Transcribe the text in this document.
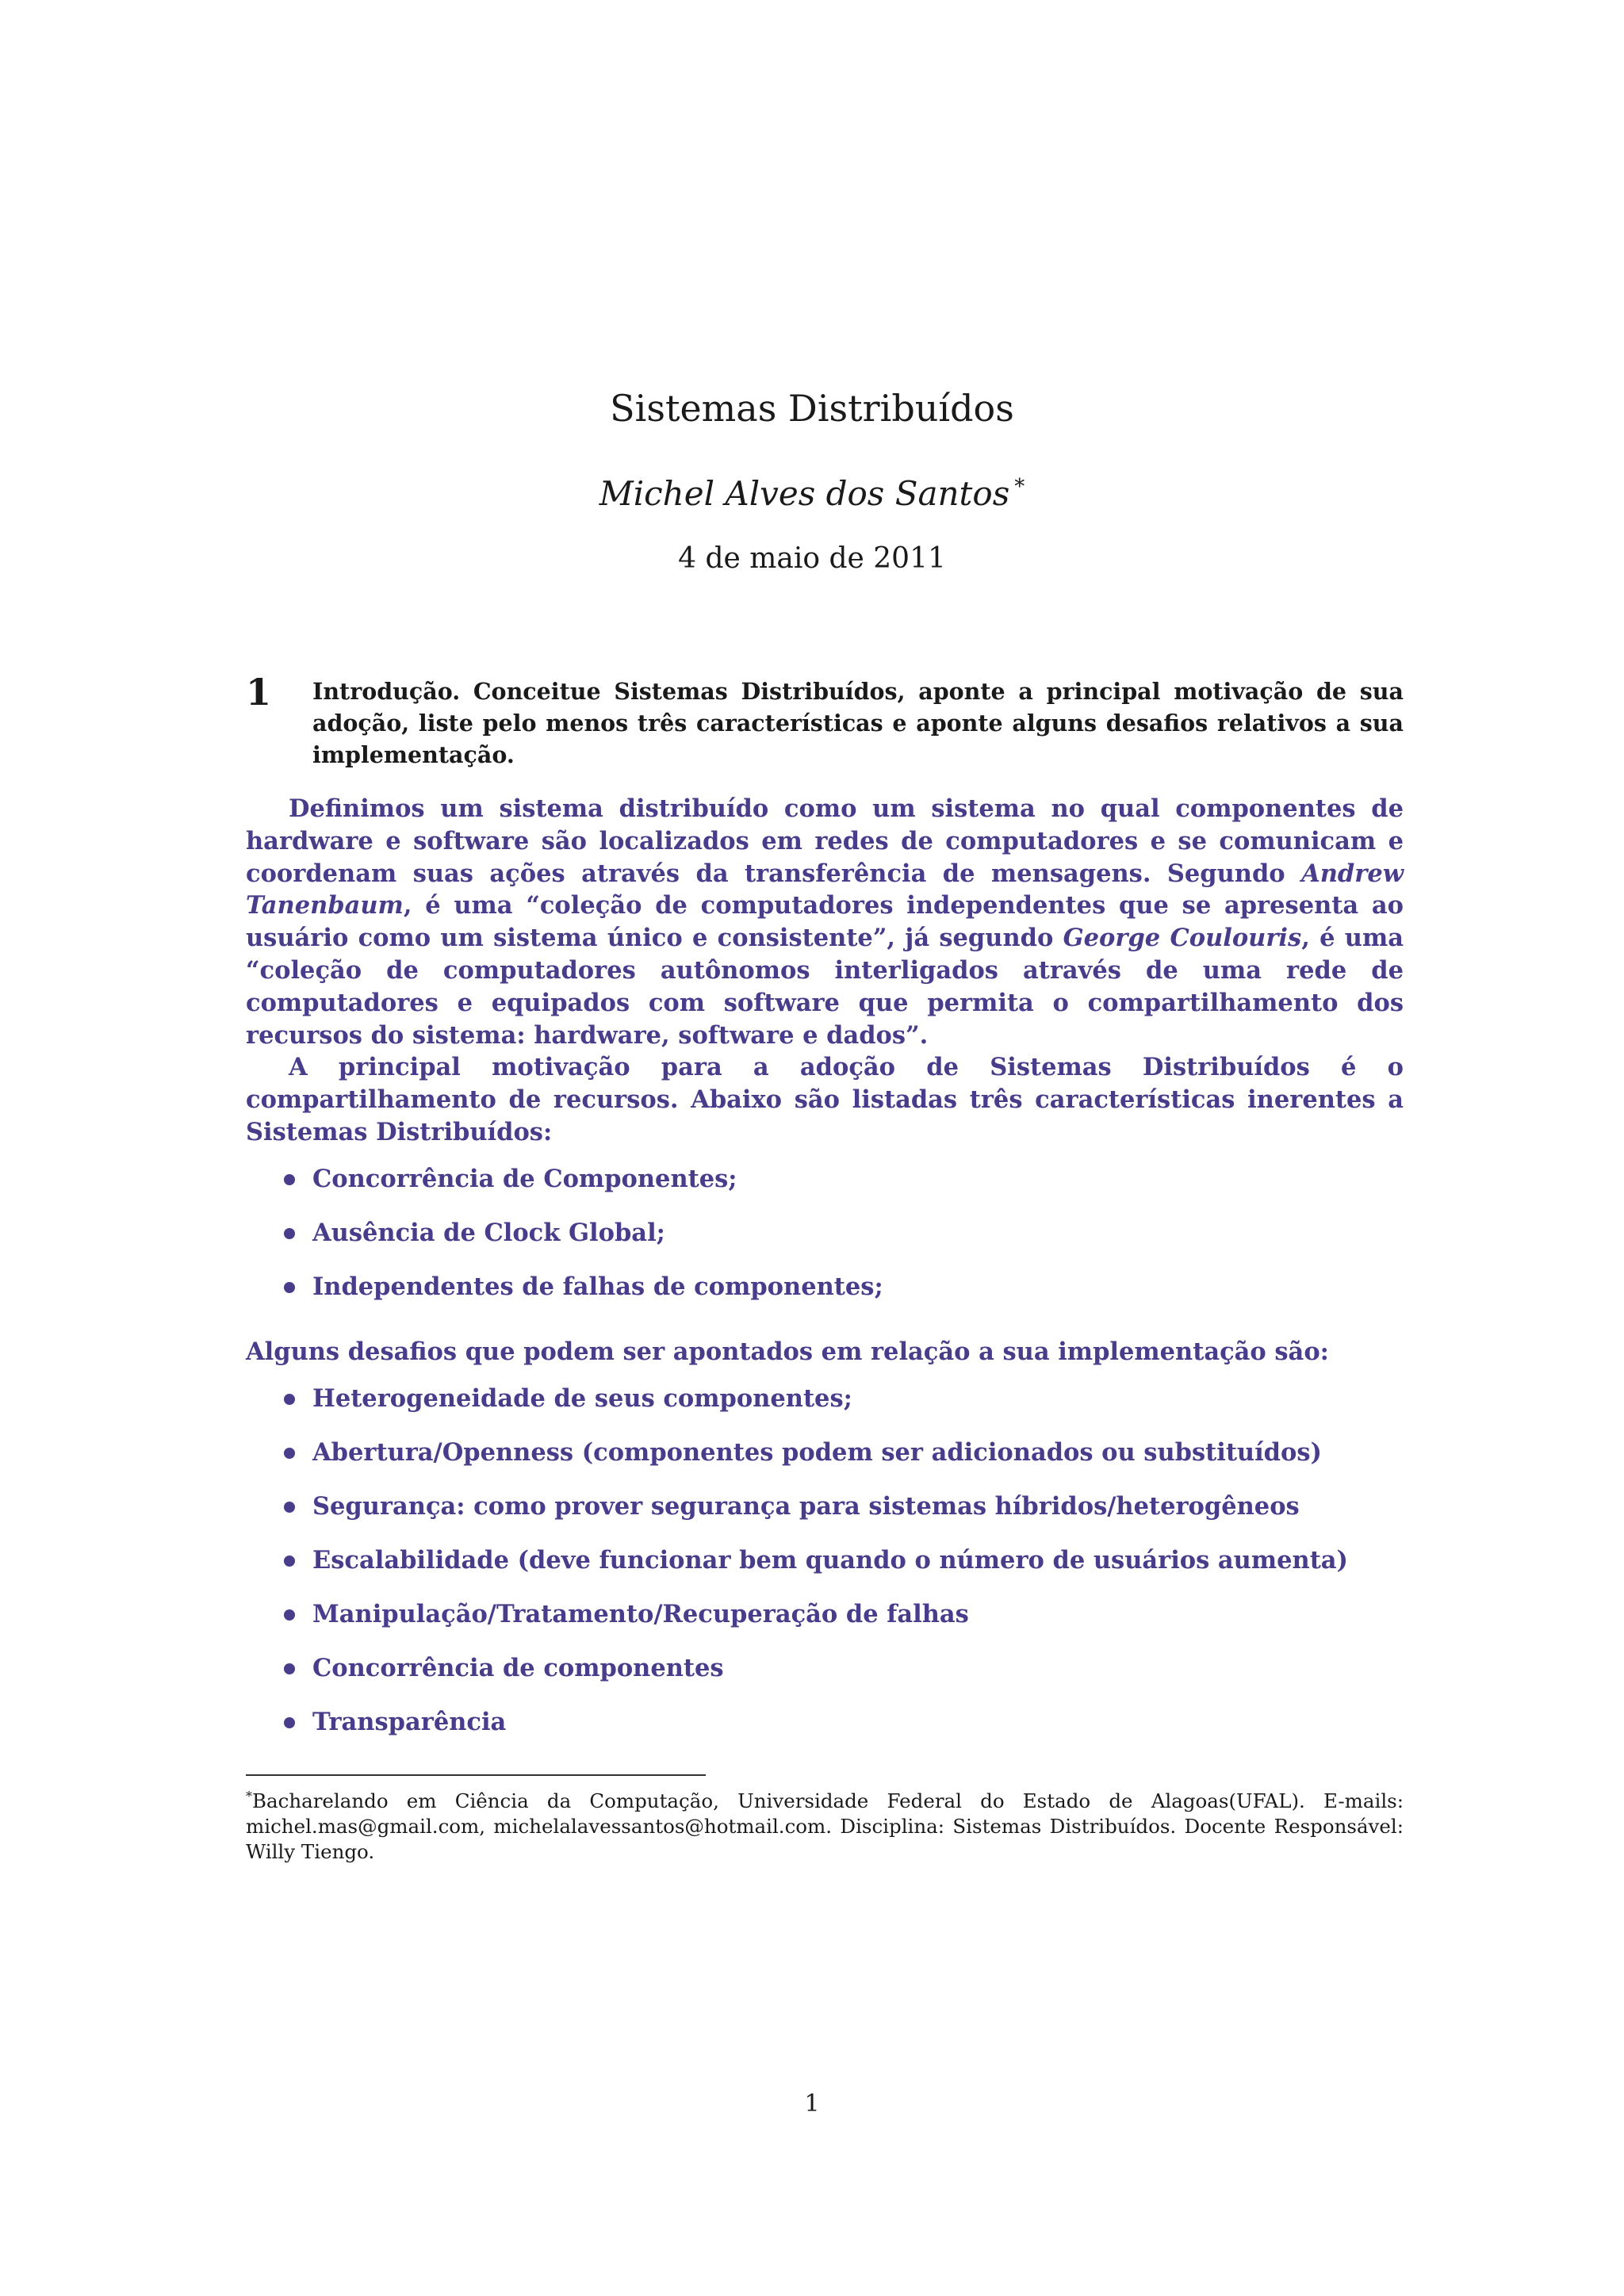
Sistemas Distribuídos
Michel Alves dos Santos *
4 de maio de 2011
1 Introdução. Conceitue Sistemas Distribuídos, aponte a principal motivação de sua adoção, liste pelo menos três características e aponte alguns desafios relativos a sua implementação.

Definimos um sistema distribuído como um sistema no qual componentes de hardware e software são localizados em redes de computadores e se comunicam e coordenam suas ações através da transferência de mensagens. Segundo Andrew Tanenbaum, é uma “coleção de computadores independentes que se apresenta ao usuário como um sistema único e consistente”, já segundo George Coulouris, é uma “coleção de computadores autônomos interligados através de uma rede de computadores e equipados com software que permita o compartilhamento dos recursos do sistema: hardware, software e dados”.

A principal motivação para a adoção de Sistemas Distribuídos é o compartilhamento de recursos. Abaixo são listadas três características inerentes a Sistemas Distribuídos:

Concorrência de Componentes;
Ausência de Clock Global;
Independentes de falhas de componentes;

Alguns desafios que podem ser apontados em relação a sua implementação são:

Heterogeneidade de seus componentes;
Abertura/Openness (componentes podem ser adicionados ou substituídos)
Segurança: como prover segurança para sistemas híbridos/heterogêneos
Escalabilidade (deve funcionar bem quando o número de usuários aumenta)
Manipulação/Tratamento/Recuperação de falhas
Concorrência de componentes
Transparência
*Bacharelando em Ciência da Computação, Universidade Federal do Estado de Alagoas(UFAL). E-mails: michel.mas@gmail.com, michelalavessantos@hotmail.com. Disciplina: Sistemas Distribuídos. Docente Responsável: Willy Tiengo.
1
